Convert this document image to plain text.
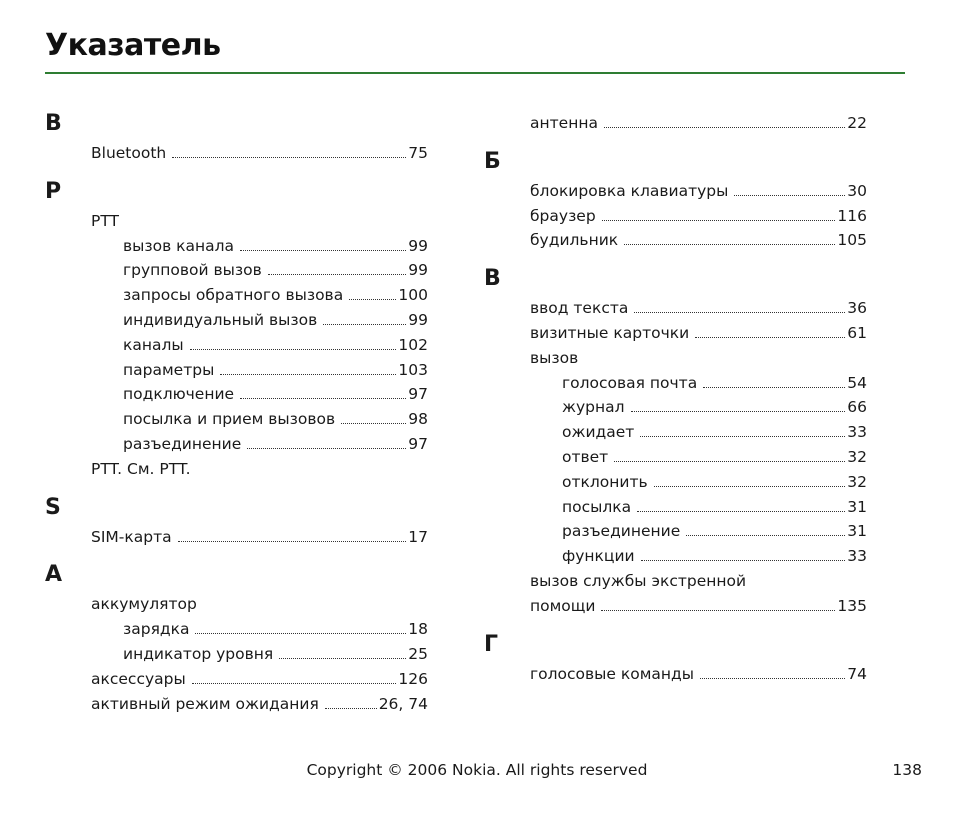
Указатель
B
Bluetooth	75
P
PTT
вызов канала	99
групповой вызов	99
запросы обратного вызова	100
индивидуальный вызов	99
каналы	102
параметры	103
подключение	97
посылка и прием вызовов	98
разъединение	97
PTT. См. PTT.
S
SIM-карта	17
А
аккумулятор
зарядка	18
индикатор уровня	25
аксессуары	126
активный режим ожидания	26, 74
антенна	22
Б
блокировка клавиатуры	30
браузер	116
будильник	105
В
ввод текста	36
визитные карточки	61
вызов
голосовая почта	54
журнал	66
ожидает	33
ответ	32
отклонить	32
посылка	31
разъединение	31
функции	33
вызов службы экстренной
помощи	135
Г
голосовые команды	74
Copyright © 2006 Nokia. All rights reserved	138
